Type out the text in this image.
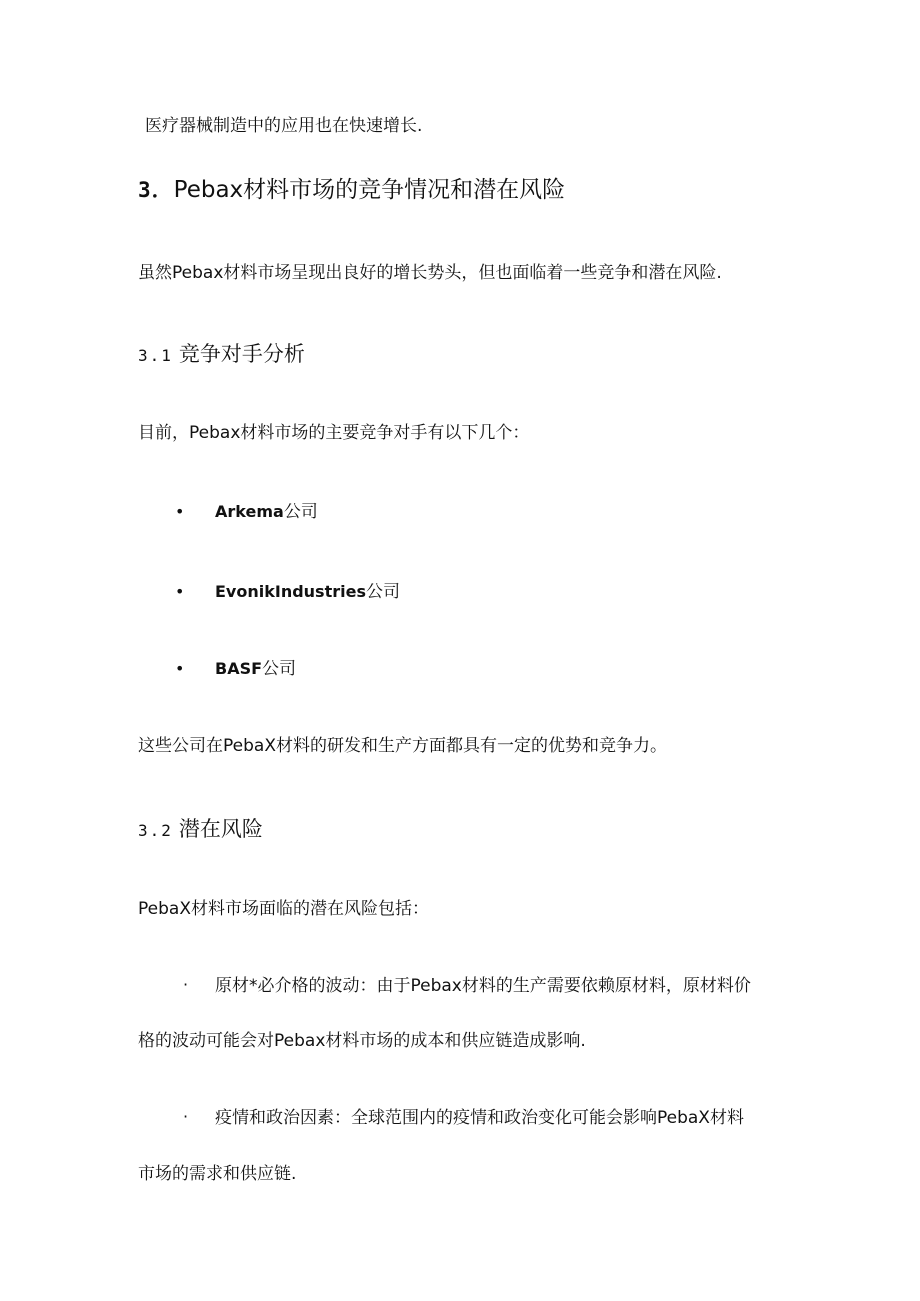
医疗器械制造中的应用也在快速增长.
3．Pebax材料市场的竞争情况和潜在风险
虽然Pebax材料市场呈现出良好的增长势头，但也面临着一些竞争和潜在风险.
3.1 竞争对手分析
目前，Pebax材料市场的主要竞争对手有以下几个：
• Arkema公司
• EvonikIndustries公司
• BASF公司
这些公司在PebaX材料的研发和生产方面都具有一定的优势和竞争力。
3.2 潜在风险
PebaX材料市场面临的潜在风险包括：
· 原材*必介格的波动：由于Pebax材料的生产需要依赖原材料，原材料价
格的波动可能会对Pebax材料市场的成本和供应链造成影响.
· 疫情和政治因素：全球范围内的疫情和政治变化可能会影响PebaX材料
市场的需求和供应链.
